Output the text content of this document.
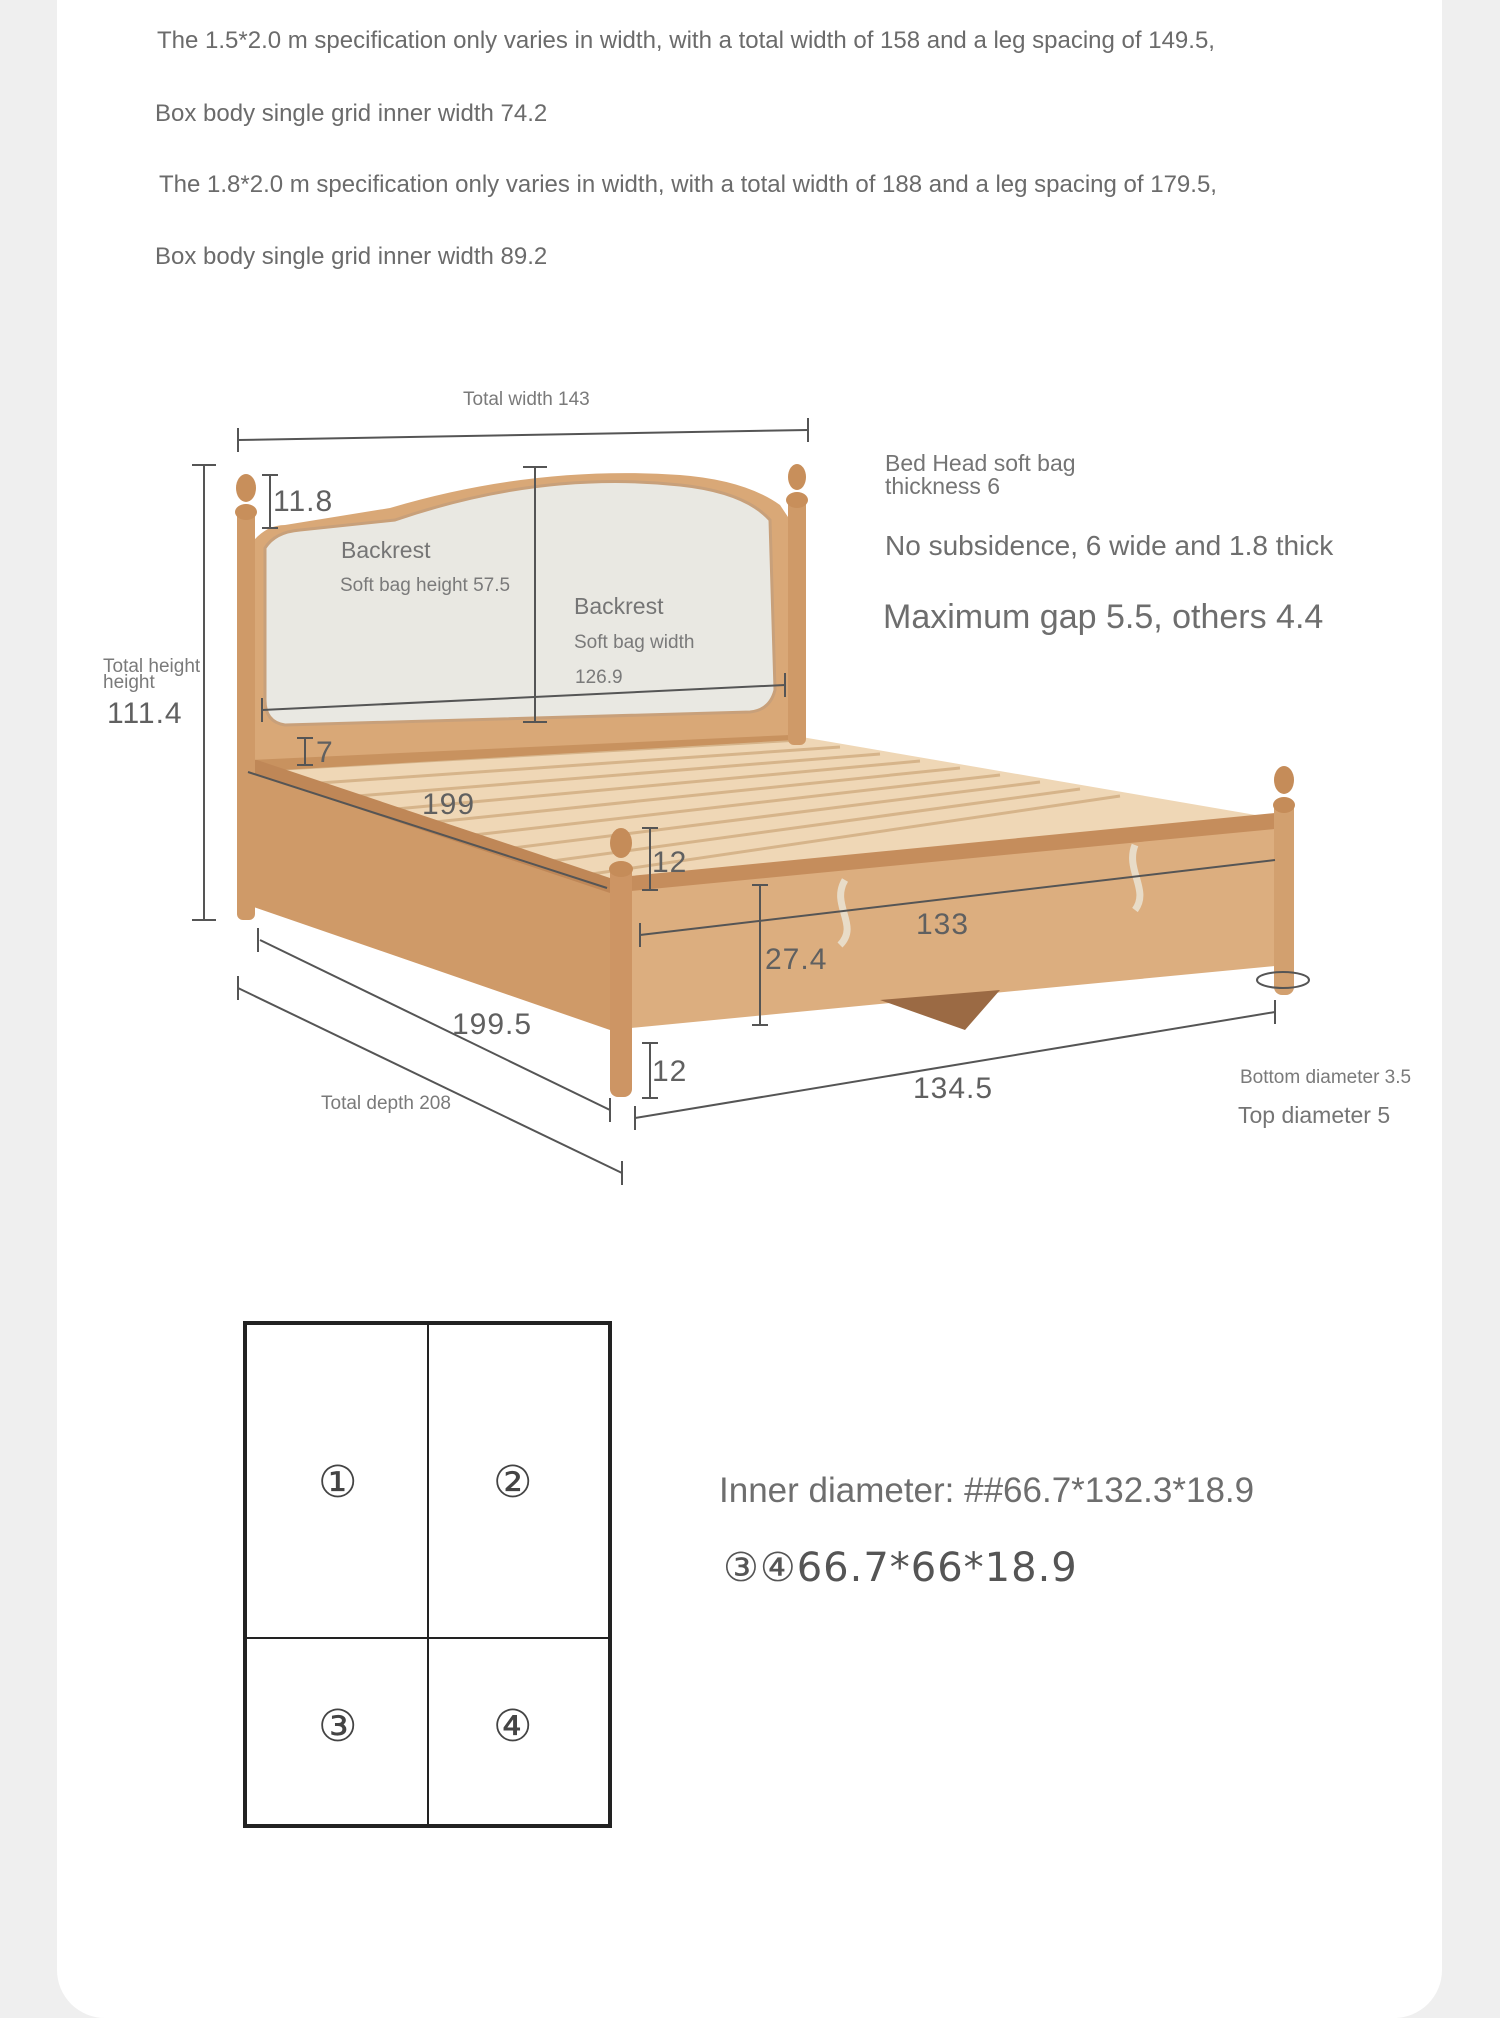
The 1.5*2.0 m specification only varies in width, with a total width of 158 and a leg spacing of 149.5,
Box body single grid inner width 74.2
The 1.8*2.0 m specification only varies in width, with a total width of 188 and a leg spacing of 179.5,
Box body single grid inner width 89.2
Total width 143
Total height
height
111.4
11.8
Backrest
Soft bag height 57.5
Backrest
Soft bag width
126.9
7
199
12
27.4
133
199.5
12
134.5
Total depth 208
Bottom diameter 3.5
Top diameter 5
Bed Head soft bag
thickness 6
No subsidence, 6 wide and 1.8 thick
Maximum gap 5.5, others 4.4
①	②
③	④
Inner diameter: ##66.7*132.3*18.9
③④66.7*66*18.9
